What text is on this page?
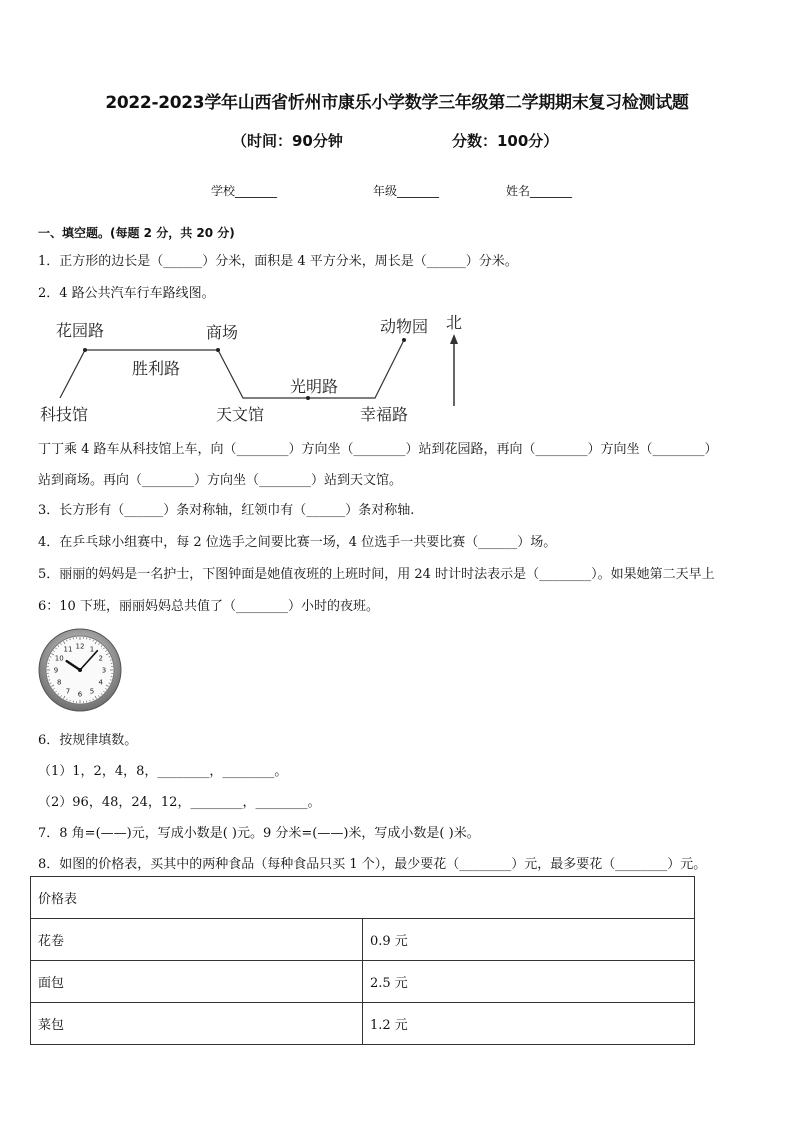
2022-2023学年山西省忻州市康乐小学数学三年级第二学期期末复习检测试题
（时间：90分钟	分数：100分）
学校_______	年级_______	姓名_______
一、填空题。(每题 2 分，共 20 分)
1．正方形的边长是（______）分米，面积是 4 平方分米，周长是（______）分米。
2．4 路公共汽车行车路线图。
科技馆
花园路
胜利路
商场
天文馆
光明路
幸福路
动物园 北
丁丁乘 4 路车从科技馆上车，向（________）方向坐（________）站到花园路，再向（________）方向坐（________）
站到商场。再向（________）方向坐（________）站到天文馆。
3．长方形有（______）条对称轴，红领巾有（______）条对称轴.
4．在乒乓球小组赛中，每 2 位选手之间要比赛一场，4 位选手一共要比赛（______）场。
5．丽丽的妈妈是一名护士，下图钟面是她值夜班的上班时间，用 24 时计时法表示是（________）。如果她第二天早上
6：10 下班，丽丽妈妈总共值了（________）小时的夜班。
12 1
2
3
4
5
6
7
8
9
10
11
6．按规律填数。
（1）1，2，4，8，________，________。
（2）96，48，24，12，________，________。
7．8 角=(——)元，写成小数是( )元。9 分米=(——)米，写成小数是( )米。
8．如图的价格表，买其中的两种食品（每种食品只买 1 个），最少要花（________）元，最多要花（________）元。
价格表	
花卷	0.9 元
面包	2.5 元
菜包	1.2 元
